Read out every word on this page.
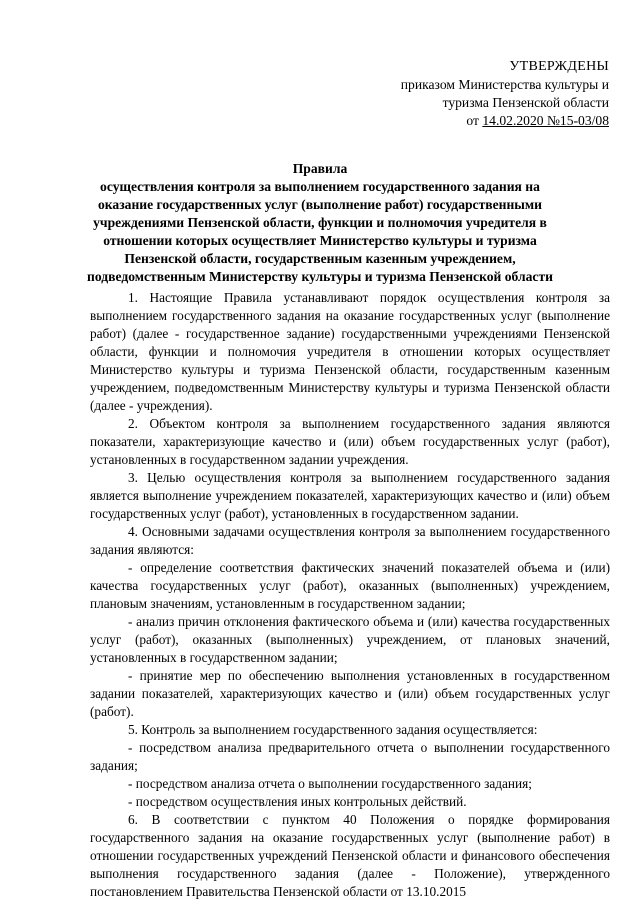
УТВЕРЖДЕНЫ
приказом Министерства культуры и
туризма Пензенской области
от 14.02.2020 №15-03/08
Правила
осуществления контроля за выполнением государственного задания на оказание государственных услуг (выполнение работ) государственными учреждениями Пензенской области, функции и полномочия учредителя в отношении которых осуществляет Министерство культуры и туризма Пензенской области, государственным казенным учреждением, подведомственным Министерству культуры и туризма Пензенской области

1. Настоящие Правила устанавливают порядок осуществления контроля за выполнением государственного задания на оказание государственных услуг (выполнение работ) (далее - государственное задание) государственными учреждениями Пензенской области, функции и полномочия учредителя в отношении которых осуществляет Министерство культуры и туризма Пензенской области, государственным казенным учреждением, подведомственным Министерству культуры и туризма Пензенской области (далее - учреждения).

2. Объектом контроля за выполнением государственного задания являются показатели, характеризующие качество и (или) объем государственных услуг (работ), установленных в государственном задании учреждения.

3. Целью осуществления контроля за выполнением государственного задания является выполнение учреждением показателей, характеризующих качество и (или) объем государственных услуг (работ), установленных в государственном задании.

4. Основными задачами осуществления контроля за выполнением государственного задания являются:

- определение соответствия фактических значений показателей объема и (или) качества государственных услуг (работ), оказанных (выполненных) учреждением, плановым значениям, установленным в государственном задании;

- анализ причин отклонения фактического объема и (или) качества государственных услуг (работ), оказанных (выполненных) учреждением, от плановых значений, установленных в государственном задании;

- принятие мер по обеспечению выполнения установленных в государственном задании показателей, характеризующих качество и (или) объем государственных услуг (работ).

5. Контроль за выполнением государственного задания осуществляется:

- посредством анализа предварительного отчета о выполнении государственного задания;

- посредством анализа отчета о выполнении государственного задания;

- посредством осуществления иных контрольных действий.

6. В соответствии с пунктом 40 Положения о порядке формирования государственного задания на оказание государственных услуг (выполнение работ) в отношении государственных учреждений Пензенской области и финансового обеспечения выполнения государственного задания (далее - Положение), утвержденного постановлением Правительства Пензенской области от 13.10.2015
